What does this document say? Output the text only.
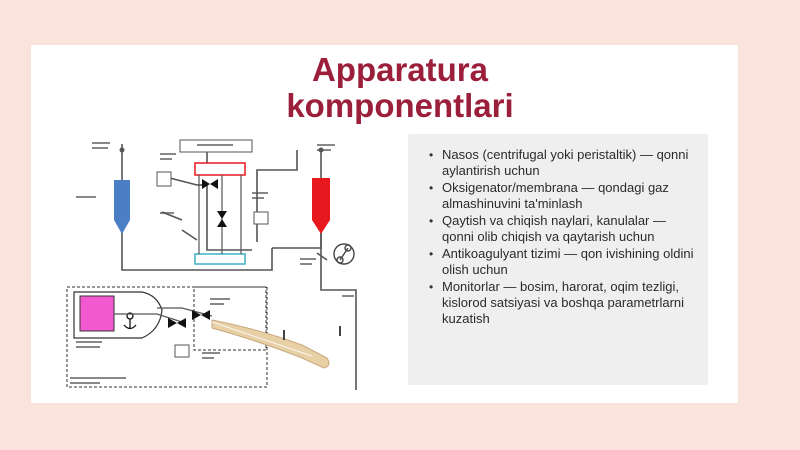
Apparatura
komponentlari
• Nasos (centrifugal yoki peristaltik) — qonni aylantirish uchun
• Oksigenator/membrana — qondagi gaz almashinuvini ta'minlash
• Qaytish va chiqish naylari, kanulalar — qonni olib chiqish va qaytarish uchun
• Antikoagulyant tizimi — qon ivishining oldini olish uchun
• Monitorlar — bosim, harorat, oqim tezligi, kislorod satsiyasi va boshqa parametrlarni kuzatish
